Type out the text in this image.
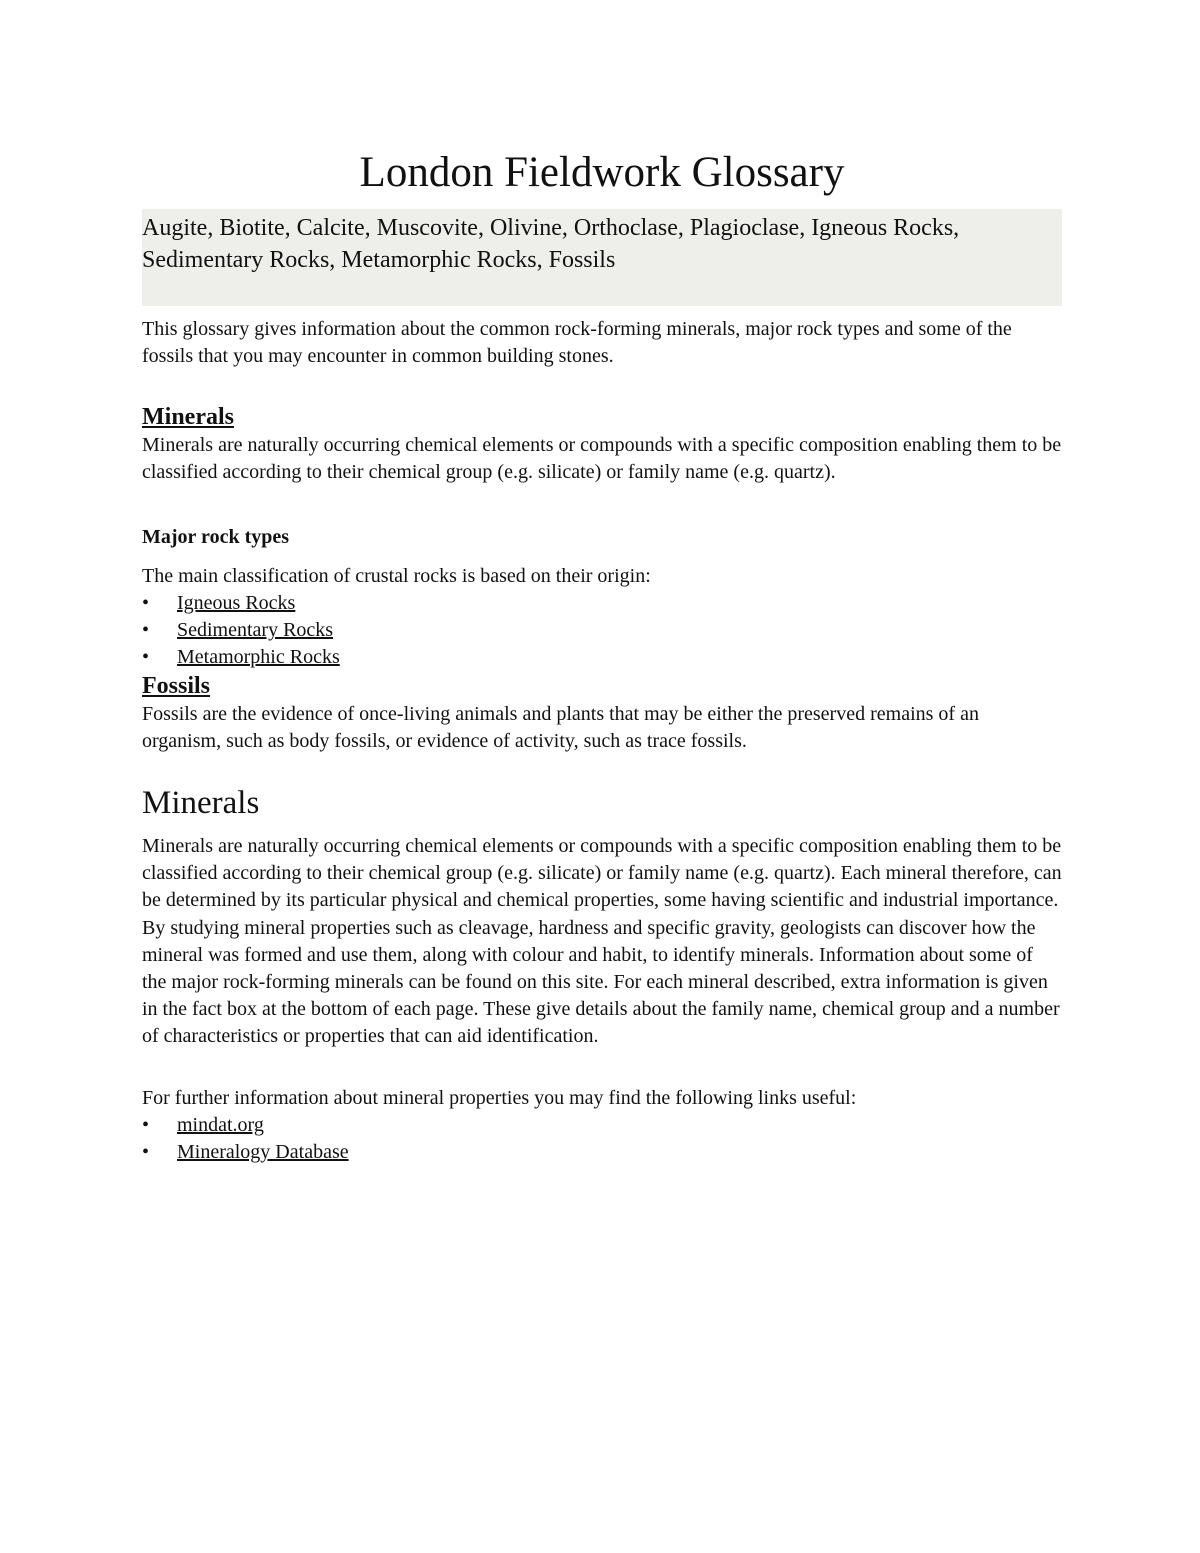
London Fieldwork Glossary
Augite, Biotite, Calcite, Muscovite, Olivine, Orthoclase, Plagioclase, Igneous Rocks, Sedimentary Rocks, Metamorphic Rocks, Fossils
This glossary gives information about the common rock-forming minerals, major rock types and some of the fossils that you may encounter in common building stones.
Minerals
Minerals are naturally occurring chemical elements or compounds with a specific composition enabling them to be classified according to their chemical group (e.g. silicate) or family name (e.g. quartz).
Major rock types
The main classification of crustal rocks is based on their origin:
•	Igneous Rocks
•	Sedimentary Rocks
•	Metamorphic Rocks
Fossils
Fossils are the evidence of once-living animals and plants that may be either the preserved remains of an organism, such as body fossils, or evidence of activity, such as trace fossils.
Minerals
Minerals are naturally occurring chemical elements or compounds with a specific composition enabling them to be classified according to their chemical group (e.g. silicate) or family name (e.g. quartz). Each mineral therefore, can be determined by its particular physical and chemical properties, some having scientific and industrial importance. By studying mineral properties such as cleavage, hardness and specific gravity, geologists can discover how the mineral was formed and use them, along with colour and habit, to identify minerals. Information about some of the major rock-forming minerals can be found on this site. For each mineral described, extra information is given in the fact box at the bottom of each page. These give details about the family name, chemical group and a number of characteristics or properties that can aid identification.
For further information about mineral properties you may find the following links useful:
•	mindat.org
•	Mineralogy Database
